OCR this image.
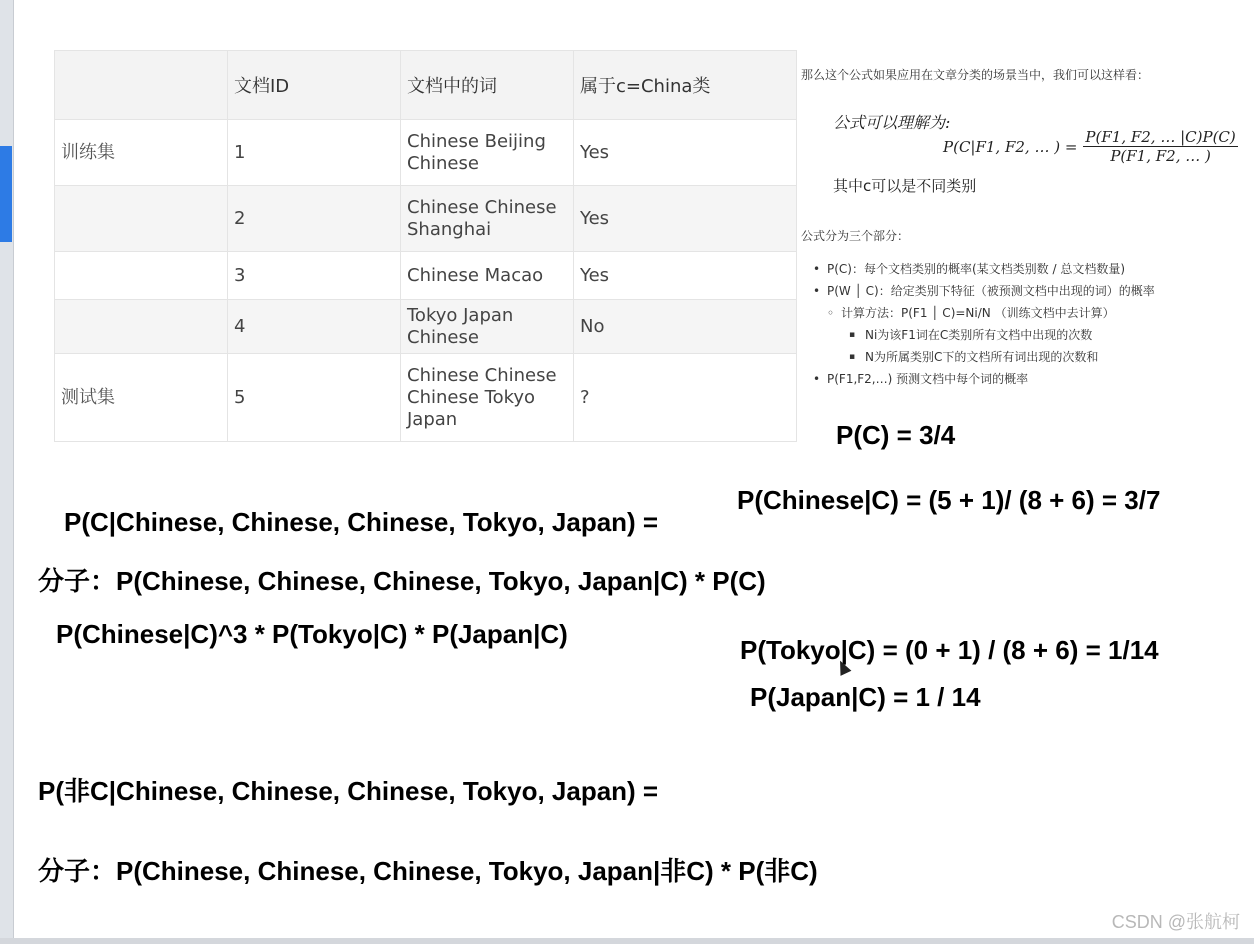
	文档ID	文档中的词	属于c=China类
训练集	1	Chinese Beijing Chinese	Yes
	2	Chinese Chinese Shanghai	Yes
	3	Chinese Macao	Yes
	4	Tokyo Japan Chinese	No
测试集	5	Chinese Chinese Chinese Tokyo Japan	?
那么这个公式如果应用在文章分类的场景当中，我们可以这样看：
公式可以理解为:
P(C|F1, F2, … ) = $\frac{P(F1, F2, \dots |C)P(C)}{P(F1, F2, \dots )}$
其中c可以是不同类别
公式分为三个部分：
• P(C)：每个文档类别的概率(某文档类别数 / 总文档数量)
• P(W │ C)：给定类别下特征（被预测文档中出现的词）的概率
◦ 计算方法：P(F1 │ C)=Ni/N （训练文档中去计算）
▪ Ni为该F1词在C类别所有文档中出现的次数
▪ N为所属类别C下的文档所有词出现的次数和
• P(F1,F2,…) 预测文档中每个词的概率
P(C) = 3/4
P(C|Chinese, Chinese, Chinese, Tokyo, Japan) =
P(Chinese|C) = (5 + 1)/ (8 + 6) = 3/7
分子：P(Chinese, Chinese, Chinese, Tokyo, Japan|C) * P(C)
P(Chinese|C)^3 * P(Tokyo|C) * P(Japan|C)
P(Tokyo|C) = (0 + 1) / (8 + 6) = 1/14
P(Japan|C) = 1 / 14
P(非C|Chinese, Chinese, Chinese, Tokyo, Japan) =
分子：P(Chinese, Chinese, Chinese, Tokyo, Japan|非C) * P(非C)
CSDN @张航柯
